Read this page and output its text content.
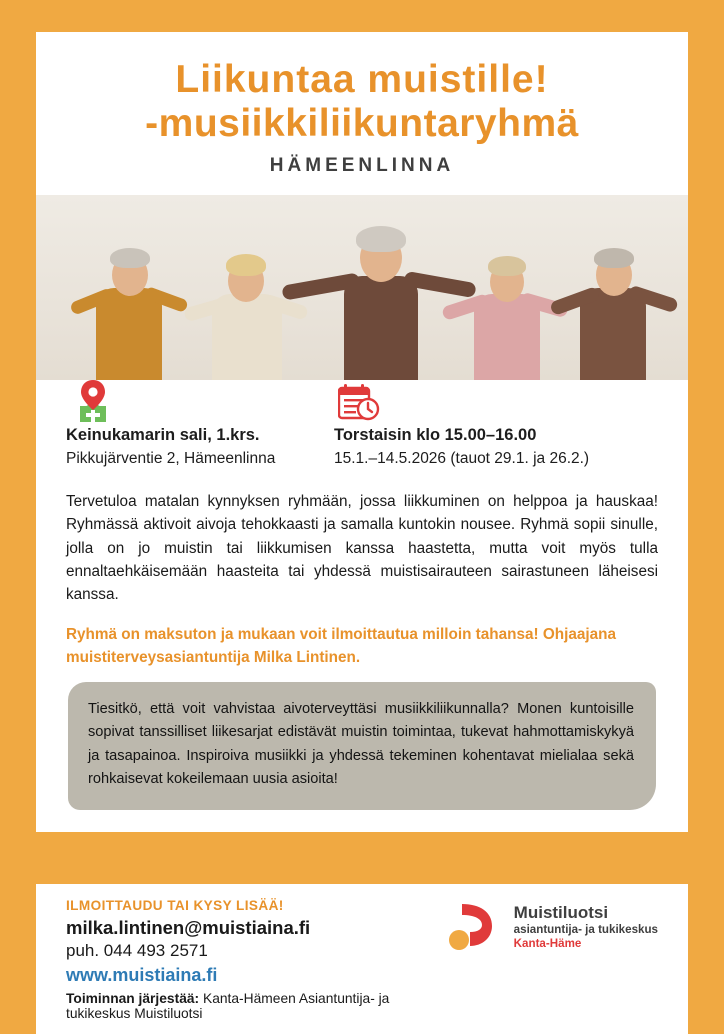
Liikuntaa muistille!
-musiikkiliikuntaryhmä
HÄMEENLINNA
Keinukamarin sali, 1.krs.
Pikkujärventie 2, Hämeenlinna
Torstaisin klo 15.00–16.00
15.1.–14.5.2026 (tauot 29.1. ja 26.2.)

Tervetuloa matalan kynnyksen ryhmään, jossa liikkuminen on helppoa ja hauskaa! Ryhmässä aktivoit aivoja tehokkaasti ja samalla kuntokin nousee. Ryhmä sopii sinulle, jolla on jo muistin tai liikkumisen kanssa haastetta, mutta voit myös tulla ennaltaehkäisemään haasteita tai yhdessä muistisairauteen sairastuneen läheisesi kanssa.

Ryhmä on maksuton ja mukaan voit ilmoittautua milloin tahansa! Ohjaajana muistiterveysasiantuntija Milka Lintinen.

Tiesitkö, että voit vahvistaa aivoterveyttäsi musiikkiliikunnalla? Monen kuntoisille sopivat tanssilliset liikesarjat edistävät muistin toimintaa, tukevat hahmottamiskykyä ja tasapainoa. Inspiroiva musiikki ja yhdessä tekeminen kohentavat mielialaa sekä rohkaisevat kokeilemaan uusia asioita!

ILMOITTAUDU TAI KYSY LISÄÄ!
milka.lintinen@muistiaina.fi
puh. 044 493 2571
www.muistiaina.fi
Toiminnan järjestää: Kanta-Hämeen Asiantuntija- ja tukikeskus Muistiluotsi
Muistiluotsi
asiantuntija- ja tukikeskus
Kanta-Häme
